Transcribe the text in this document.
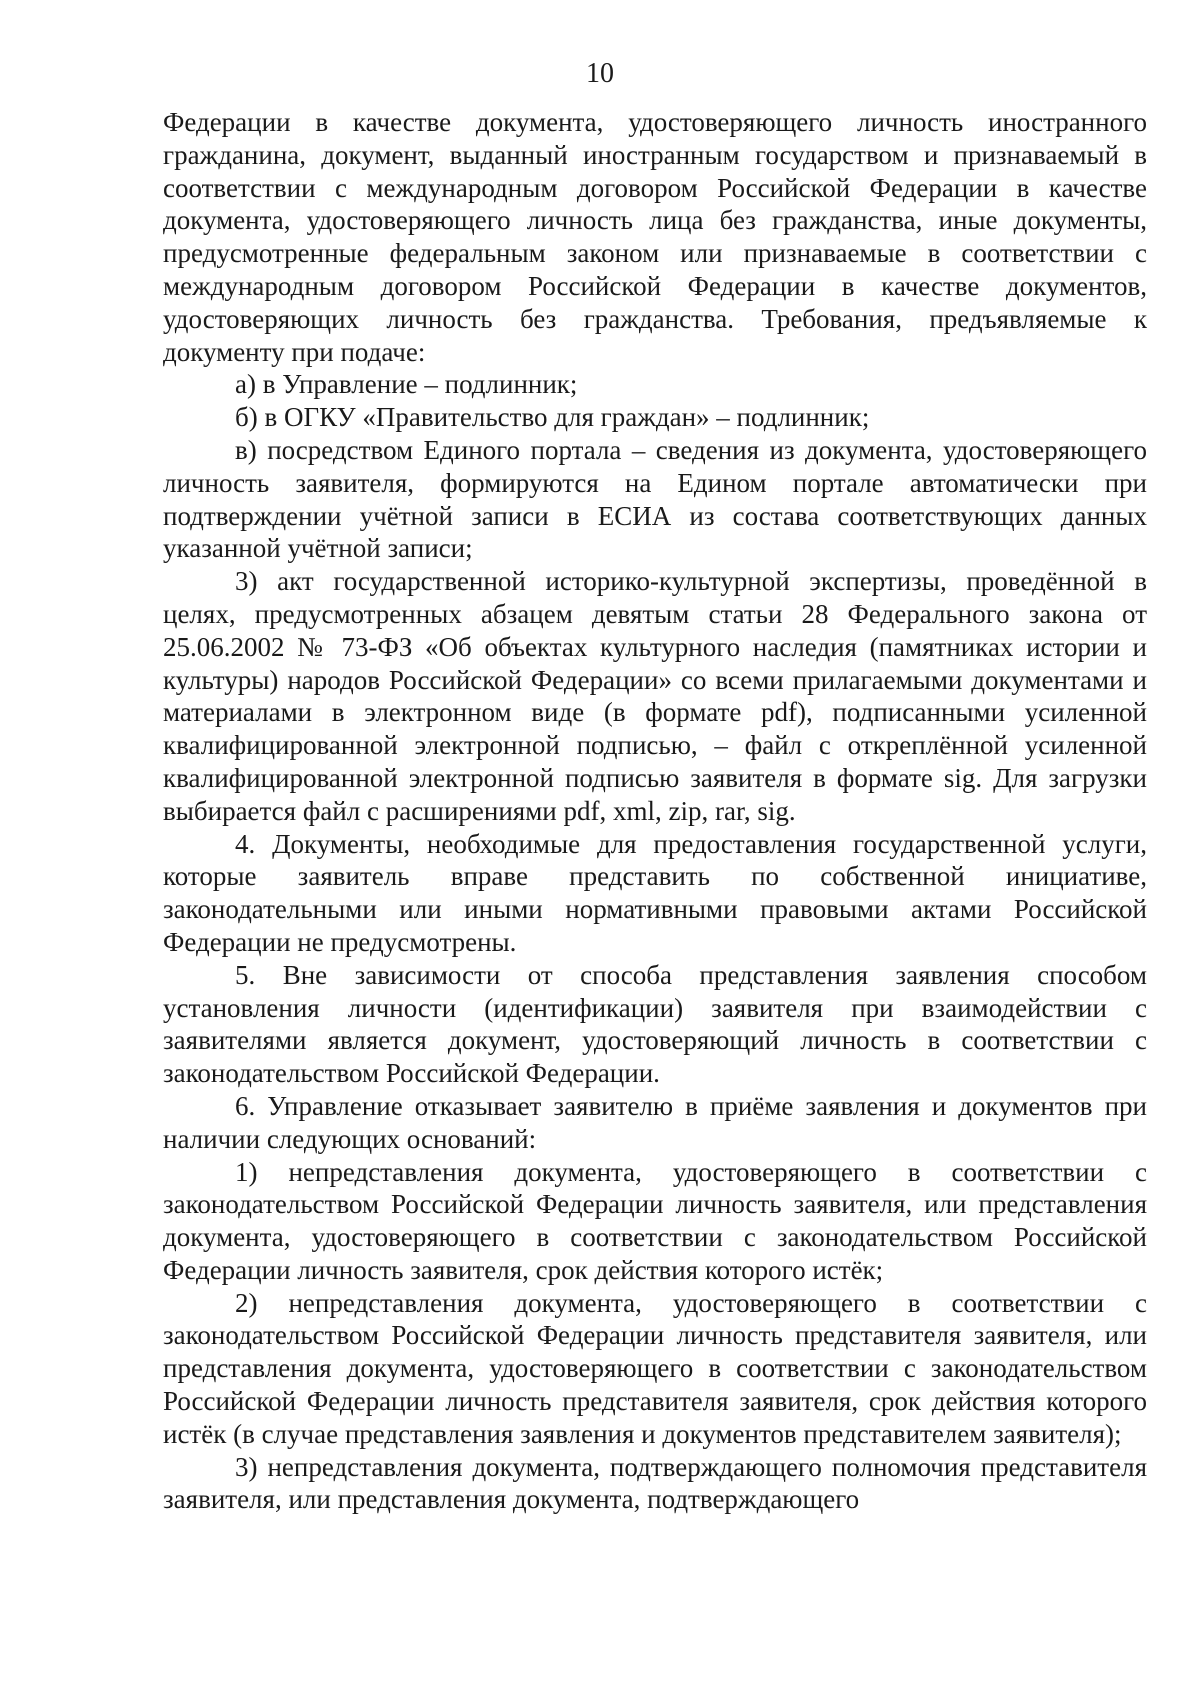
10

Федерации в качестве документа, удостоверяющего личность иностранного гражданина, документ, выданный иностранным государством и признаваемый в соответствии с международным договором Российской Федерации в качестве документа, удостоверяющего личность лица без гражданства, иные документы, предусмотренные федеральным законом или признаваемые в соответствии с международным договором Российской Федерации в качестве документов, удостоверяющих личность без гражданства. Требования, предъявляемые к документу при подаче:

а) в Управление – подлинник;

б) в ОГКУ «Правительство для граждан» – подлинник;

в) посредством Единого портала – сведения из документа, удостоверяющего личность заявителя, формируются на Едином портале автоматически при подтверждении учётной записи в ЕСИА из состава соответствующих данных указанной учётной записи;

3) акт государственной историко-культурной экспертизы, проведённой в целях, предусмотренных абзацем девятым статьи 28 Федерального закона от 25.06.2002 № 73-ФЗ «Об объектах культурного наследия (памятниках истории и культуры) народов Российской Федерации» со всеми прилагаемыми документами и материалами в электронном виде (в формате pdf), подписанными усиленной квалифицированной электронной подписью, – файл с откреплённой усиленной квалифицированной электронной подписью заявителя в формате sig. Для загрузки выбирается файл с расширениями pdf, xml, zip, rar, sig.

4. Документы, необходимые для предоставления государственной услуги, которые заявитель вправе представить по собственной инициативе, законодательными или иными нормативными правовыми актами Российской Федерации не предусмотрены.

5. Вне зависимости от способа представления заявления способом установления личности (идентификации) заявителя при взаимодействии с заявителями является документ, удостоверяющий личность в соответствии с законодательством Российской Федерации.

6. Управление отказывает заявителю в приёме заявления и документов при наличии следующих оснований:

1) непредставления документа, удостоверяющего в соответствии с законодательством Российской Федерации личность заявителя, или представления документа, удостоверяющего в соответствии с законодательством Российской Федерации личность заявителя, срок действия которого истёк;

2) непредставления документа, удостоверяющего в соответствии с законодательством Российской Федерации личность представителя заявителя, или представления документа, удостоверяющего в соответствии с законодательством Российской Федерации личность представителя заявителя, срок действия которого истёк (в случае представления заявления и документов представителем заявителя);

3) непредставления документа, подтверждающего полномочия представителя заявителя, или представления документа, подтверждающего
